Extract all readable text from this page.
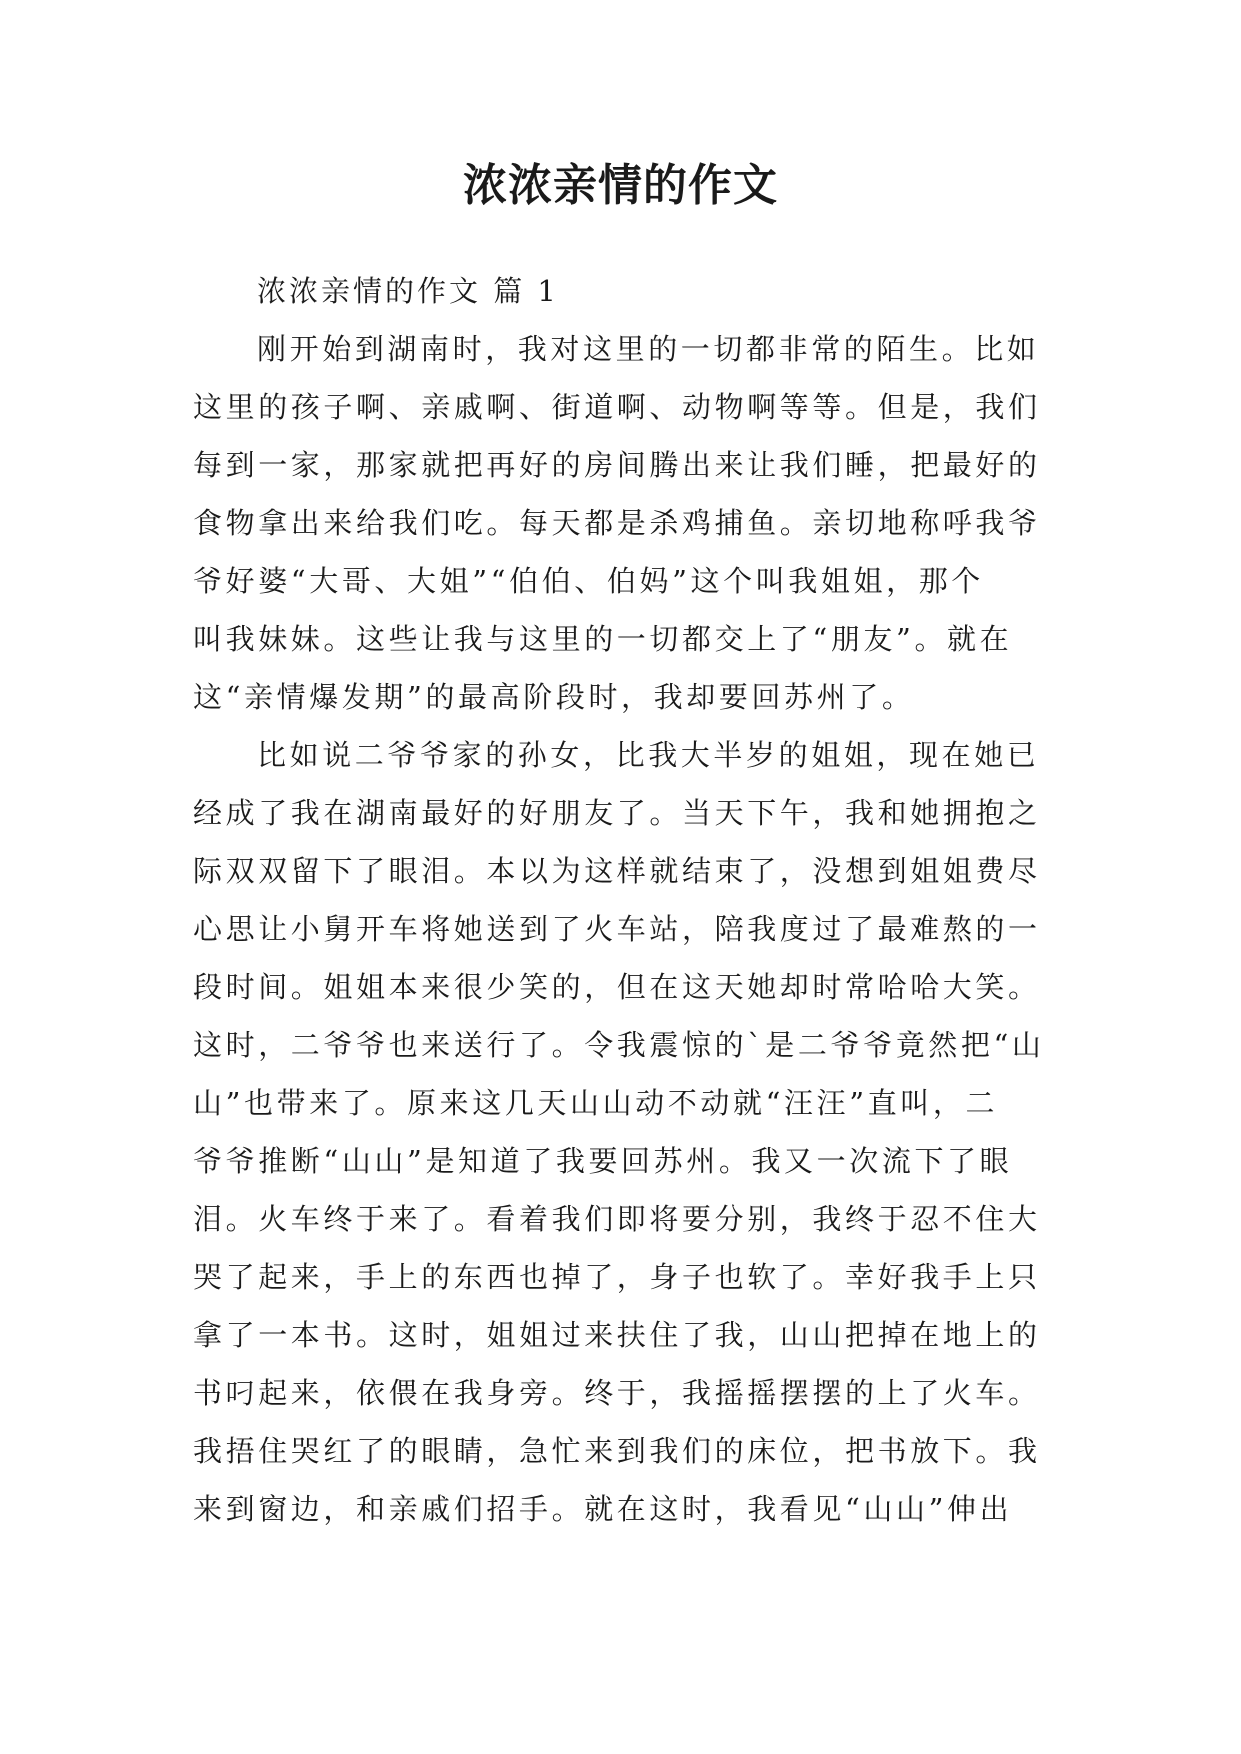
浓浓亲情的作文

浓浓亲情的作文 篇 1

刚开始到湖南时，我对这里的一切都非常的陌生。比如
这里的孩子啊、亲戚啊、街道啊、动物啊等等。但是，我们
每到一家，那家就把再好的房间腾出来让我们睡，把最好的
食物拿出来给我们吃。每天都是杀鸡捕鱼。亲切地称呼我爷
爷好婆“大哥、大姐”“伯伯、伯妈”这个叫我姐姐，那个
叫我妹妹。这些让我与这里的一切都交上了“朋友”。就在
这“亲情爆发期”的最高阶段时，我却要回苏州了。

比如说二爷爷家的孙女，比我大半岁的姐姐，现在她已
经成了我在湖南最好的好朋友了。当天下午，我和她拥抱之
际双双留下了眼泪。本以为这样就结束了，没想到姐姐费尽
心思让小舅开车将她送到了火车站，陪我度过了最难熬的一
段时间。姐姐本来很少笑的，但在这天她却时常哈哈大笑。
这时，二爷爷也来送行了。令我震惊的`是二爷爷竟然把“山
山”也带来了。原来这几天山山动不动就“汪汪”直叫，二
爷爷推断“山山”是知道了我要回苏州。我又一次流下了眼
泪。火车终于来了。看着我们即将要分别，我终于忍不住大
哭了起来，手上的东西也掉了，身子也软了。幸好我手上只
拿了一本书。这时，姐姐过来扶住了我，山山把掉在地上的
书叼起来，依偎在我身旁。终于，我摇摇摆摆的上了火车。
我捂住哭红了的眼睛，急忙来到我们的床位，把书放下。我
来到窗边，和亲戚们招手。就在这时，我看见“山山”伸出
